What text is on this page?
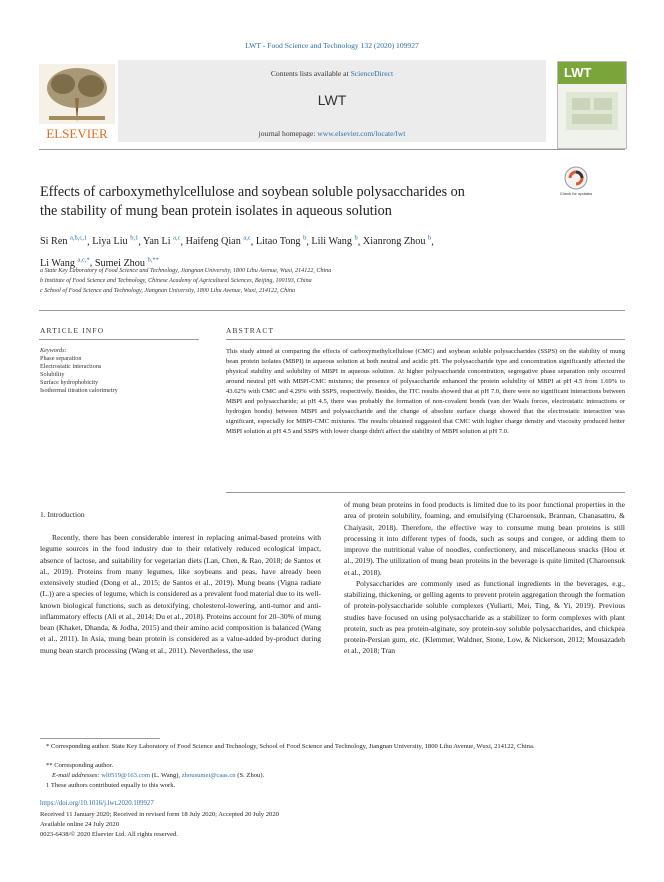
LWT - Food Science and Technology 132 (2020) 109927
ELSEVIER
Contents lists available at ScienceDirect
LWT
journal homepage: www.elsevier.com/locate/lwt
LWT
Effects of carboxymethylcellulose and soybean soluble polysaccharides on
the stability of mung bean protein isolates in aqueous solution
Check for updates
Si Ren $^{a,b,c,1}$, Liya Liu $^{b,1}$, Yan Li $^{a,c}$, Haifeng Qian $^{a,c}$, Litao Tong $^b$, Lili Wang $^b$, Xianrong Zhou $^b$,
Li Wang $^{a,c,*}$, Sumei Zhou $^{b,**}$
a State Key Laboratory of Food Science and Technology, Jiangnan University, 1800 Lihu Avenue, Wuxi, 214122, China
b Institute of Food Science and Technology, Chinese Academy of Agricultural Sciences, Beijing, 100193, China
c School of Food Science and Technology, Jiangnan University, 1800 Lihu Avenue, Wuxi, 214122, China
ARTICLE INFO	ABSTRACT
Keywords:
Phase separation
Electrostatic interactions
Solubility
Surface hydrophobicity
Isothermal titration calorimetry
This study aimed at comparing the effects of carboxymethylcellulose (CMC) and soybean soluble polysaccharides (SSPS) on the stability of mung bean protein isolates (MBPI) in aqueous solution at both neutral and acidic pH. The polysaccharide type and concentration significantly affected the physical stability and solubility of MBPI in aqueous solution. At higher polysaccharide concentration, segregative phase separation only occurred around neutral pH with MBPI-CMC mixtures; the presence of polysaccharide enhanced the protein solubility of MBPI at pH 4.5 from 1.69% to 43.62% with CMC and 4.29% with SSPS, respectively. Besides, the ITC results showed that at pH 7.0, there were no significant interactions between MBPI and polysaccharide; at pH 4.5, there was probably the formation of non-covalent bonds (van der Waals forces, electrostatic interactions or hydrogen bonds) between MBPI and polysaccharide and the change of absolute surface charge showed that the electrostatic interaction was significant, especially for MBPI-CMC mixtures. The results obtained suggested that CMC with higher charge density and viscosity produced better MBPI solution at pH 4.5 and SSPS with lower charge didn't affect the stability of MBPI solution at pH 7.0.
1. Introduction

Recently, there has been considerable interest in replacing animal-based proteins with legume sources in the food industry due to their relatively reduced ecological impact, absence of lactose, and suitability for vegetarian diets (Lan, Chen, & Rao, 2018; de Santos et al., 2019). Proteins from many legumes, like soybeans and peas, have already been extensively studied (Dong et al., 2015; de Santos et al., 2019). Mung beans (Vigna radiate (L.)) are a species of legume, which is considered as a prevalent food material due to its well-known biological functions, such as detoxifying, cholesterol-lowering, anti-tumor and anti-inflammatory effects (Ali et al., 2014; Du et al., 2018). Proteins account for 20–30% of mung bean (Khaket, Dhanda, & Jodha, 2015) and their amino acid composition is balanced (Wang et al., 2011). In Asia, mung bean protein is considered as a value-added by-product during mung bean starch processing (Wang et al., 2011). Nevertheless, the use

of mung bean proteins in food products is limited due to its poor functional properties in the area of protein solubility, foaming, and emulsifying (Charoensuk, Brannan, Chanasattru, & Chaiyasit, 2018). Therefore, the effective way to consume mung bean proteins is still processing it into different types of foods, such as soups and congee, or adding them to improve the nutritional value of noodles, confectionery, and miscellaneous snacks (Hou et al., 2019). The utilization of mung bean proteins in the beverage is quite limited (Charoensuk et al., 2018).

Polysaccharides are commonly used as functional ingredients in the beverages, e.g., stabilizing, thickening, or gelling agents to prevent protein aggregation through the formation of protein-polysaccharide soluble complexes (Yuliarti, Mei, Ting, & Yi, 2019). Previous studies have focused on using polysaccharide as a stabilizer to form complexes with plant protein, such as pea protein-alginate, soy protein-soy soluble polysaccharides, and chickpea protein-Persian gum, etc. (Klemmer, Waldner, Stone, Low, & Nickerson, 2012; Mousazadeh et al., 2018; Tran

* Corresponding author. State Key Laboratory of Food Science and Technology, School of Food Science and Technology, Jiangnan University, 1800 Lihu Avenue, Wuxi, 214122, China.
** Corresponding author.
E-mail addresses: wl0519@163.com (L. Wang), zhousumei@caas.cn (S. Zhou).
1 These authors contributed equally to this work.
https://doi.org/10.1016/j.lwt.2020.109927
Received 11 January 2020; Received in revised form 18 July 2020; Accepted 20 July 2020
Available online 24 July 2020
0023-6438/© 2020 Elsevier Ltd. All rights reserved.
